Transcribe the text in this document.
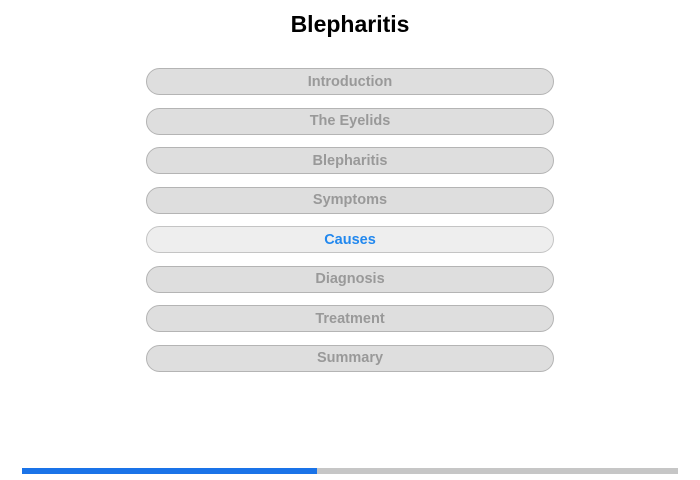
Blepharitis
Introduction
The Eyelids
Blepharitis
Symptoms
Causes
Diagnosis
Treatment
Summary
